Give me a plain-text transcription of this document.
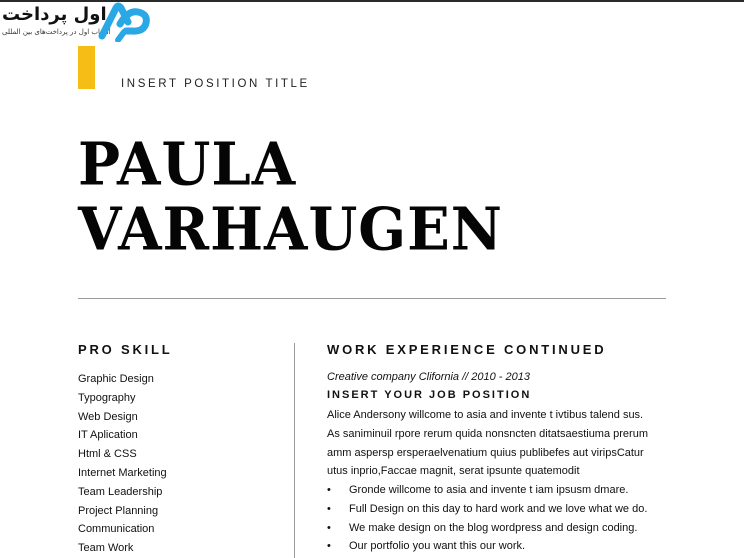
اول پرداخت
انتخاب اول در پرداخت‌های بین المللی
INSERT POSITION TITLE
PAULA
VARHAUGEN
PRO SKILL
Graphic Design
Typography
Web Design
IT Aplication
Html & CSS
Internet Marketing
Team Leadership
Project Planning
Communication
Team Work
WORK EXPERIENCE CONTINUED
Creative company Clifornia // 2010 - 2013
INSERT YOUR JOB POSITION

Alice Andersony willcome to asia and invente t ivtibus talend sus.

As saniminuil rpore rerum quida nonsncten ditatsaestiuma prerum

amm aspersp ersperaelvenatium quius publibefes aut viripsCatur

utus inprio,Faccae magnit, serat ipsunte quatemodit

• Gronde willcome to asia and invente t iam ipsusm dmare.
• Full Design on this day to hard work and we love what we do.
• We make design on the blog wordpress and design coding.
• Our portfolio you want this our work.
